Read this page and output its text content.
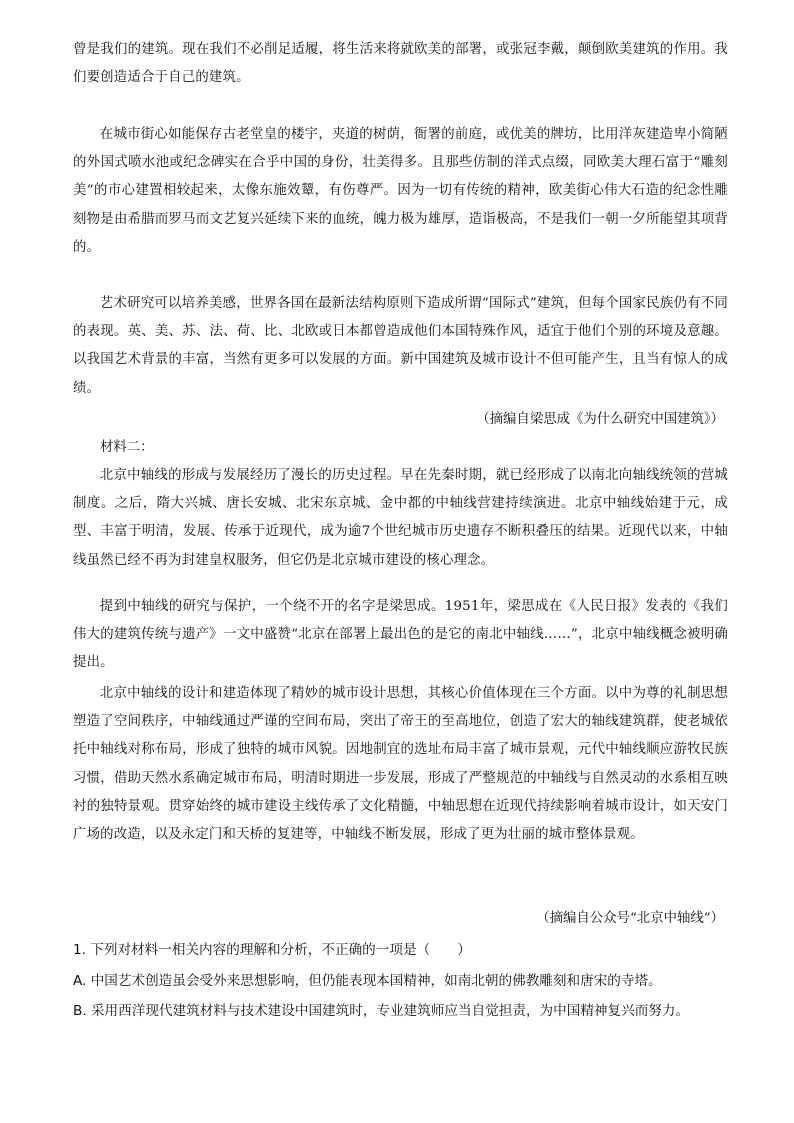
曾是我们的建筑。现在我们不必削足适履，将生活来将就欧美的部署，或张冠李戴，颠倒欧美建筑的作用。我们要创造适合于自己的建筑。

在城市街心如能保存古老堂皇的楼宇，夹道的树荫，衙署的前庭，或优美的牌坊，比用洋灰建造卑小简陋的外国式喷水池或纪念碑实在合乎中国的身份，壮美得多。且那些仿制的洋式点缀，同欧美大理石富于“雕刻美”的市心建置相较起来，太像东施效颦，有伤尊严。因为一切有传统的精神，欧美街心伟大石造的纪念性雕刻物是由希腊而罗马而文艺复兴延续下来的血统，魄力极为雄厚，造诣极高，不是我们一朝一夕所能望其项背的。

艺术研究可以培养美感，世界各国在最新法结构原则下造成所谓“国际式”建筑，但每个国家民族仍有不同的表现。英、美、苏、法、荷、比、北欧或日本都曾造成他们本国特殊作风，适宜于他们个别的环境及意趣。以我国艺术背景的丰富，当然有更多可以发展的方面。新中国建筑及城市设计不但可能产生，且当有惊人的成绩。

（摘编自梁思成《为什么研究中国建筑》）
材料二：

北京中轴线的形成与发展经历了漫长的历史过程。早在先秦时期，就已经形成了以南北向轴线统领的营城制度。之后，隋大兴城、唐长安城、北宋东京城、金中都的中轴线营建持续演进。北京中轴线始建于元，成型、丰富于明清，发展、传承于近现代，成为逾7个世纪城市历史遗存不断积叠压的结果。近现代以来，中轴线虽然已经不再为封建皇权服务，但它仍是北京城市建设的核心理念。

提到中轴线的研究与保护，一个绕不开的名字是梁思成。1951年，梁思成在《人民日报》发表的《我们伟大的建筑传统与遗产》一文中盛赞“北京在部署上最出色的是它的南北中轴线……”，北京中轴线概念被明确提出。

北京中轴线的设计和建造体现了精妙的城市设计思想，其核心价值体现在三个方面。以中为尊的礼制思想塑造了空间秩序，中轴线通过严谨的空间布局，突出了帝王的至高地位，创造了宏大的轴线建筑群，使老城依托中轴线对称布局，形成了独特的城市风貌。因地制宜的选址布局丰富了城市景观，元代中轴线顺应游牧民族习惯，借助天然水系确定城市布局，明清时期进一步发展，形成了严整规范的中轴线与自然灵动的水系相互映衬的独特景观。贯穿始终的城市建设主线传承了文化精髓，中轴思想在近现代持续影响着城市设计，如天安门广场的改造，以及永定门和天桥的复建等，中轴线不断发展，形成了更为壮丽的城市整体景观。

（摘编自公众号“北京中轴线”）

1. 下列对材料一相关内容的理解和分析，不正确的一项是（　　）

A. 中国艺术创造虽会受外来思想影响，但仍能表现本国精神，如南北朝的佛教雕刻和唐宋的寺塔。

B. 采用西洋现代建筑材料与技术建设中国建筑时，专业建筑师应当自觉担责，为中国精神复兴而努力。
